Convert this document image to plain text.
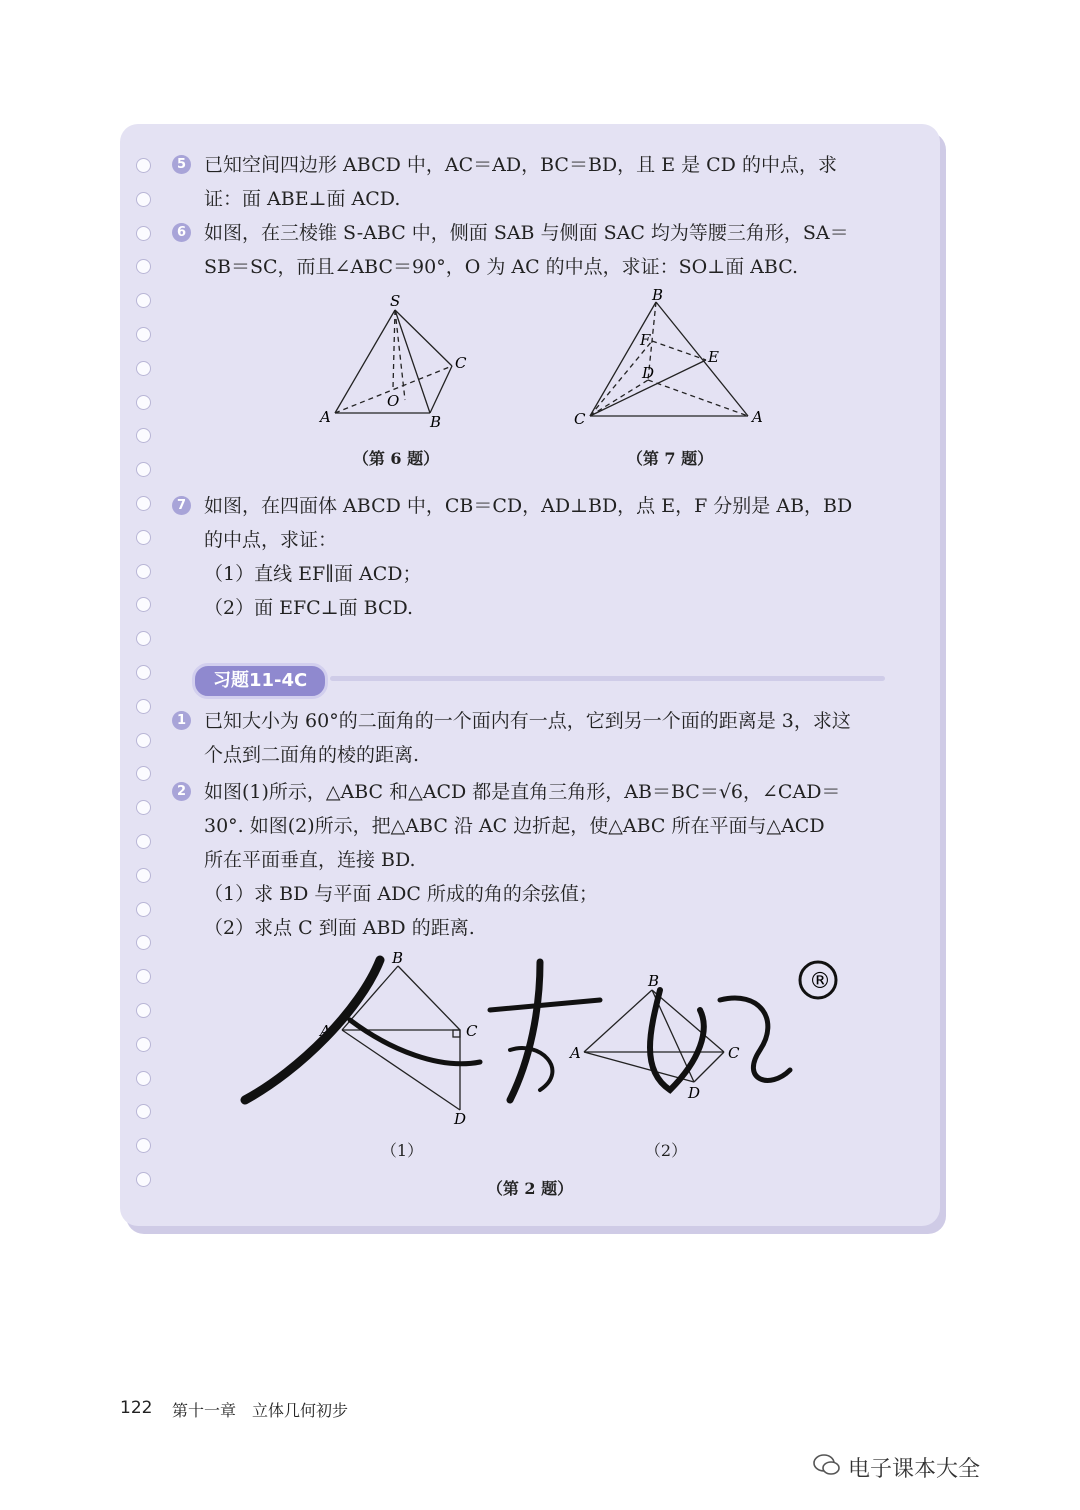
5 已知空间四边形 ABCD 中，AC＝AD，BC＝BD，且 E 是 CD 的中点，求

证：面 ABE⊥面 ACD.

6 如图，在三棱锥 S-ABC 中，侧面 SAB 与侧面 SAC 均为等腰三角形，SA＝

SB＝SC，而且∠ABC＝90°，O 为 AC 的中点，求证：SO⊥面 ABC.

S
A	B
C
O
（第 6 题）
B
F
E
D
C	A
（第 7 题）
7 如图，在四面体 ABCD 中，CB＝CD，AD⊥BD，点 E，F 分别是 AB，BD

的中点，求证：

（1）直线 EF∥面 ACD；

（2）面 EFC⊥面 BCD.

习题11-4C
1 已知大小为 60°的二面角的一个面内有一点，它到另一个面的距离是 3，求这

个点到二面角的棱的距离.

2 如图(1)所示，△ABC 和△ACD 都是直角三角形，AB＝BC＝√6，∠CAD＝

30°. 如图(2)所示，把△ABC 沿 AC 边折起，使△ABC 所在平面与△ACD

所在平面垂直，连接 BD.

（1）求 BD 与平面 ADC 所成的角的余弦值；

（2）求点 C 到面 ABD 的距离.

B
A	C
D
B
A	C
D
®
（1）	（2）
（第 2 题）
122 第十一章　立体几何初步
电子课本大全
